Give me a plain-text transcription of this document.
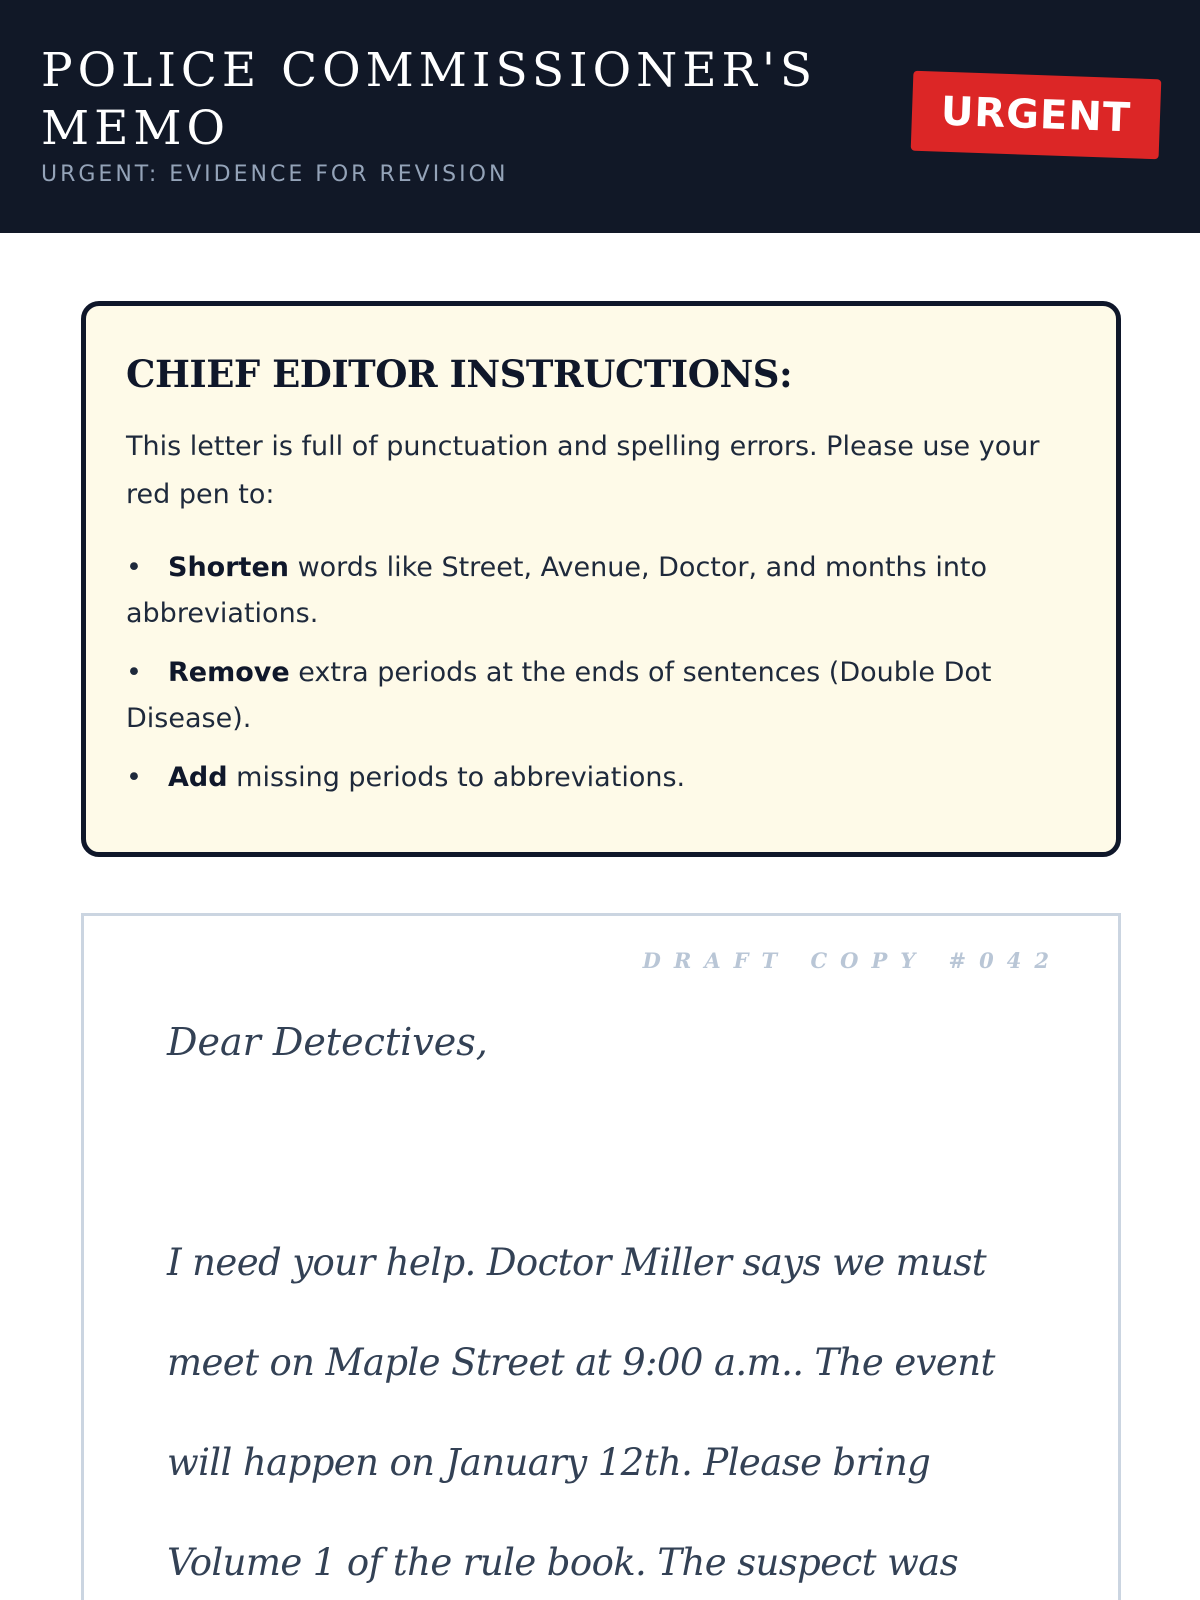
POLICE COMMISSIONER'S
MEMO
URGENT: EVIDENCE FOR REVISION
URGENT
CHIEF EDITOR INSTRUCTIONS:

This letter is full of punctuation and spelling errors. Please use your red pen to:

• Shorten words like Street, Avenue, Doctor, and months into abbreviations.
• Remove extra periods at the ends of sentences (Double Dot Disease).
• Add missing periods to abbreviations.
DRAFT COPY #042
Dear Detectives,
I need your help. Doctor Miller says we must
meet on Maple Street at 9:00 a.m.. The event
will happen on January 12th. Please bring
Volume 1 of the rule book. The suspect was
